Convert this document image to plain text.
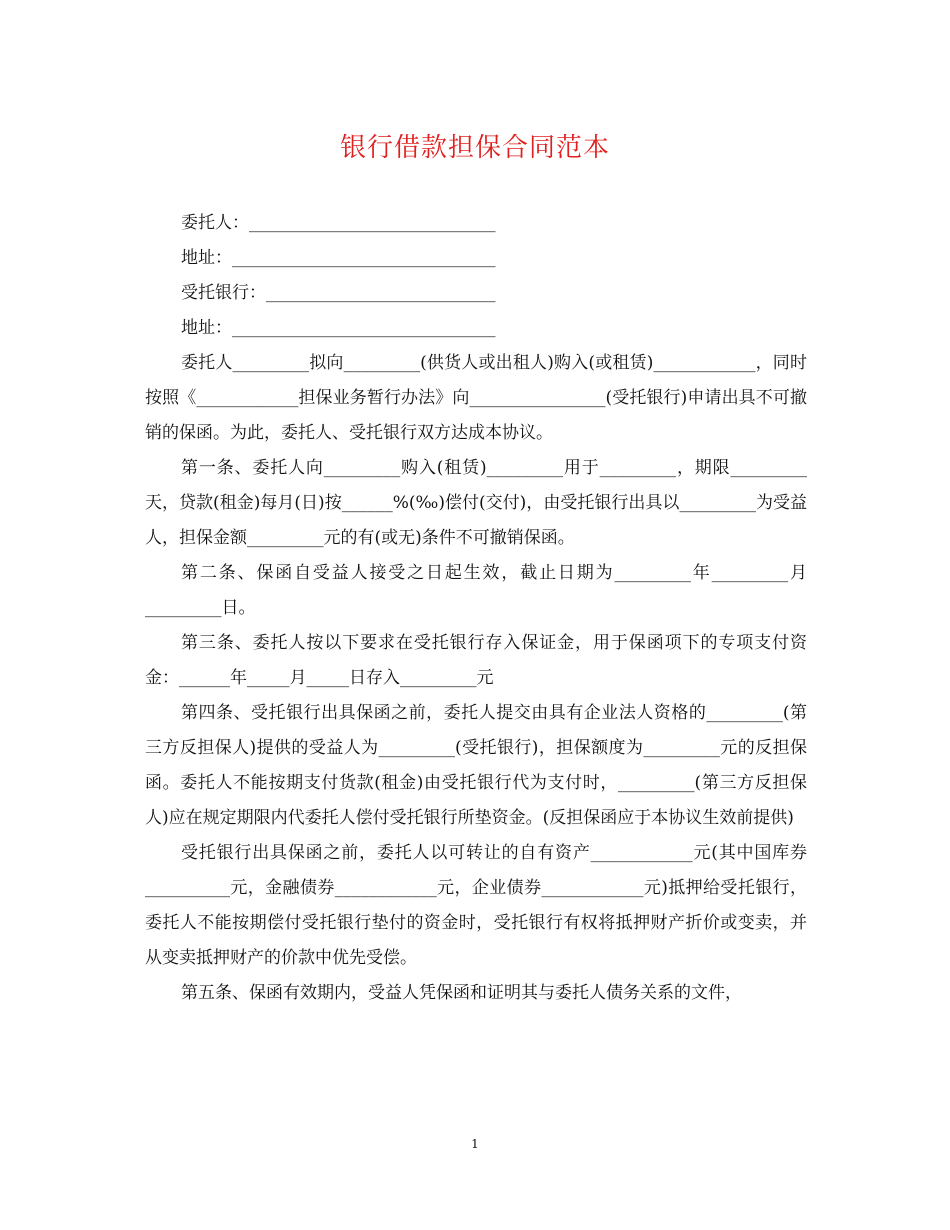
银行借款担保合同范本
委托人：_____________________________
地址：_______________________________
受托银行：___________________________
地址：_______________________________

委托人_________拟向_________(供货人或出租人)购入(或租赁)____________，同时按照《____________担保业务暂行办法》向________________(受托银行)申请出具不可撤销的保函。为此，委托人、受托银行双方达成本协议。

第一条、委托人向_________购入(租赁)_________用于_________，期限_________天，贷款(租金)每月(日)按______%(‰)偿付(交付)，由受托银行出具以_________为受益人，担保金额_________元的有(或无)条件不可撤销保函。

第二条、保函自受益人接受之日起生效，截止日期为_________年_________月_________日。

第三条、委托人按以下要求在受托银行存入保证金，用于保函项下的专项支付资金：______年_____月_____日存入_________元

第四条、受托银行出具保函之前，委托人提交由具有企业法人资格的_________(第三方反担保人)提供的受益人为_________(受托银行)，担保额度为_________元的反担保函。委托人不能按期支付货款(租金)由受托银行代为支付时，_________(第三方反担保人)应在规定期限内代委托人偿付受托银行所垫资金。(反担保函应于本协议生效前提供)

受托银行出具保函之前，委托人以可转让的自有资产____________元(其中国库券__________元，金融债券____________元，企业债券____________元)抵押给受托银行，委托人不能按期偿付受托银行垫付的资金时，受托银行有权将抵押财产折价或变卖，并从变卖抵押财产的价款中优先受偿。

第五条、保函有效期内，受益人凭保函和证明其与委托人债务关系的文件，

1
